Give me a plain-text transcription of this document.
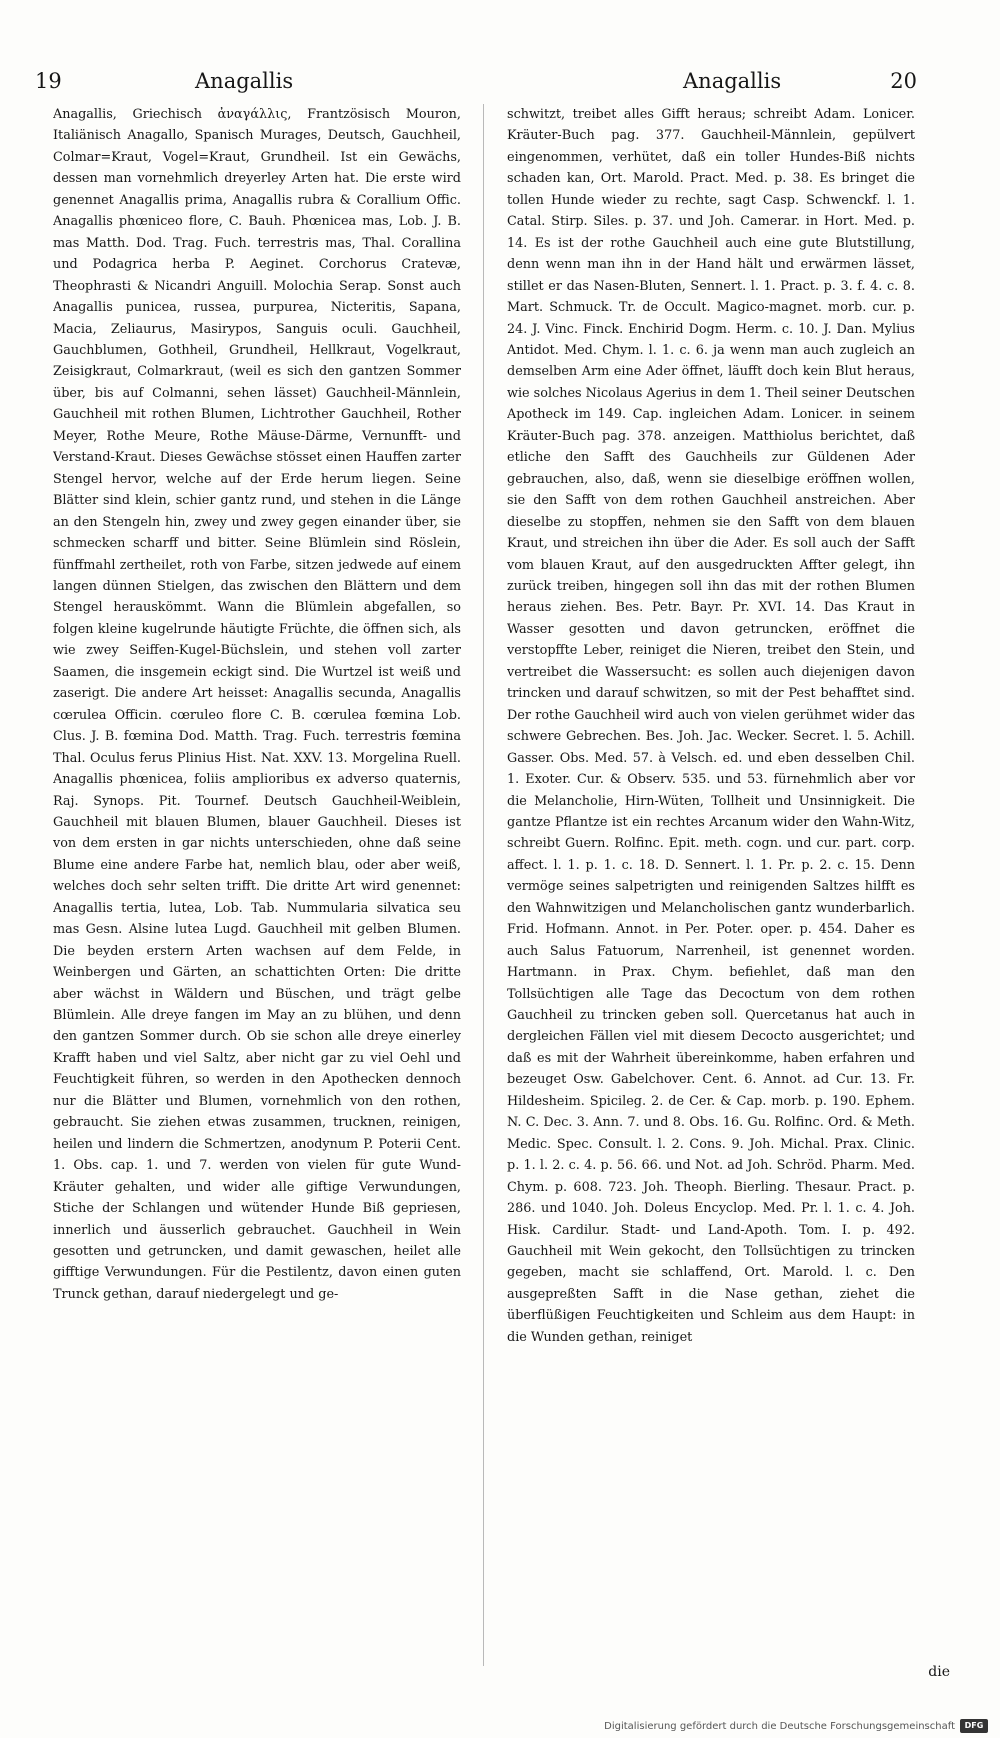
19	Anagallis	Anagallis	20

Anagallis, Griechisch ἀναγάλλις, Frantzösisch Mouron, Italiänisch Anagallo, Spanisch Murages, Deutsch, Gauchheil, Colmar=Kraut, Vogel=Kraut, Grundheil. Ist ein Gewächs, dessen man vornehmlich dreyerley Arten hat. Die erste wird genennet Anagallis prima, Anagallis rubra & Corallium Offic. Anagallis phœniceo flore, C. Bauh. Phœnicea mas, Lob. J. B. mas Matth. Dod. Trag. Fuch. terrestris mas, Thal. Corallina und Podagrica herba P. Aeginet. Corchorus Cratevæ, Theophrasti & Nicandri Anguill. Molochia Serap. Sonst auch Anagallis punicea, russea, purpurea, Nicteritis, Sapana, Macia, Zeliaurus, Masirypos, Sanguis oculi. Gauchheil, Gauchblumen, Gothheil, Grundheil, Hellkraut, Vogelkraut, Zeisigkraut, Colmarkraut, (weil es sich den gantzen Sommer über, bis auf Colmanni, sehen lässet) Gauchheil-Männlein, Gauchheil mit rothen Blumen, Lichtrother Gauchheil, Rother Meyer, Rothe Meure, Rothe Mäuse-Därme, Vernunfft- und Verstand-Kraut. Dieses Gewächse stösset einen Hauffen zarter Stengel hervor, welche auf der Erde herum liegen. Seine Blätter sind klein, schier gantz rund, und stehen in die Länge an den Stengeln hin, zwey und zwey gegen einander über, sie schmecken scharff und bitter. Seine Blümlein sind Röslein, fünffmahl zertheilet, roth von Farbe, sitzen jedwede auf einem langen dünnen Stielgen, das zwischen den Blättern und dem Stengel herauskömmt. Wann die Blümlein abgefallen, so folgen kleine kugelrunde häutigte Früchte, die öffnen sich, als wie zwey Seiffen-Kugel-Büchslein, und stehen voll zarter Saamen, die insgemein eckigt sind. Die Wurtzel ist weiß und zaserigt. Die andere Art heisset: Anagallis secunda, Anagallis cœrulea Officin. cœruleo flore C. B. cœrulea fœmina Lob. Clus. J. B. fœmina Dod. Matth. Trag. Fuch. terrestris fœmina Thal. Oculus ferus Plinius Hist. Nat. XXV. 13. Morgelina Ruell. Anagallis phœnicea, foliis amplioribus ex adverso quaternis, Raj. Synops. Pit. Tournef. Deutsch Gauchheil-Weiblein, Gauchheil mit blauen Blumen, blauer Gauchheil. Dieses ist von dem ersten in gar nichts unterschieden, ohne daß seine Blume eine andere Farbe hat, nemlich blau, oder aber weiß, welches doch sehr selten trifft. Die dritte Art wird genennet: Anagallis tertia, lutea, Lob. Tab. Nummularia silvatica seu mas Gesn. Alsine lutea Lugd. Gauchheil mit gelben Blumen. Die beyden erstern Arten wachsen auf dem Felde, in Weinbergen und Gärten, an schattichten Orten: Die dritte aber wächst in Wäldern und Büschen, und trägt gelbe Blümlein. Alle dreye fangen im May an zu blühen, und denn den gantzen Sommer durch. Ob sie schon alle dreye einerley Krafft haben und viel Saltz, aber nicht gar zu viel Oehl und Feuchtigkeit führen, so werden in den Apothecken dennoch nur die Blätter und Blumen, vornehmlich von den rothen, gebraucht. Sie ziehen etwas zusammen, trucknen, reinigen, heilen und lindern die Schmertzen, anodynum P. Poterii Cent. 1. Obs. cap. 1. und 7. werden von vielen für gute Wund-Kräuter gehalten, und wider alle giftige Verwundungen, Stiche der Schlangen und wütender Hunde Biß gepriesen, innerlich und äusserlich gebrauchet. Gauchheil in Wein gesotten und getruncken, und damit gewaschen, heilet alle gifftige Verwundungen. Für die Pestilentz, davon einen guten Trunck gethan, darauf niedergelegt und ge-

schwitzt, treibet alles Gifft heraus; schreibt Adam. Lonicer. Kräuter-Buch pag. 377. Gauchheil-Männlein, gepülvert eingenommen, verhütet, daß ein toller Hundes-Biß nichts schaden kan, Ort. Marold. Pract. Med. p. 38. Es bringet die tollen Hunde wieder zu rechte, sagt Casp. Schwenckf. l. 1. Catal. Stirp. Siles. p. 37. und Joh. Camerar. in Hort. Med. p. 14. Es ist der rothe Gauchheil auch eine gute Blutstillung, denn wenn man ihn in der Hand hält und erwärmen lässet, stillet er das Nasen-Bluten, Sennert. l. 1. Pract. p. 3. f. 4. c. 8. Mart. Schmuck. Tr. de Occult. Magico-magnet. morb. cur. p. 24. J. Vinc. Finck. Enchirid Dogm. Herm. c. 10. J. Dan. Mylius Antidot. Med. Chym. l. 1. c. 6. ja wenn man auch zugleich an demselben Arm eine Ader öffnet, läufft doch kein Blut heraus, wie solches Nicolaus Agerius in dem 1. Theil seiner Deutschen Apotheck im 149. Cap. ingleichen Adam. Lonicer. in seinem Kräuter-Buch pag. 378. anzeigen. Matthiolus berichtet, daß etliche den Safft des Gauchheils zur Güldenen Ader gebrauchen, also, daß, wenn sie dieselbige eröffnen wollen, sie den Safft von dem rothen Gauchheil anstreichen. Aber dieselbe zu stopffen, nehmen sie den Safft von dem blauen Kraut, und streichen ihn über die Ader. Es soll auch der Safft vom blauen Kraut, auf den ausgedruckten Affter gelegt, ihn zurück treiben, hingegen soll ihn das mit der rothen Blumen heraus ziehen. Bes. Petr. Bayr. Pr. XVI. 14. Das Kraut in Wasser gesotten und davon getruncken, eröffnet die verstopffte Leber, reiniget die Nieren, treibet den Stein, und vertreibet die Wassersucht: es sollen auch diejenigen davon trincken und darauf schwitzen, so mit der Pest behafftet sind. Der rothe Gauchheil wird auch von vielen gerühmet wider das schwere Gebrechen. Bes. Joh. Jac. Wecker. Secret. l. 5. Achill. Gasser. Obs. Med. 57. à Velsch. ed. und eben desselben Chil. 1. Exoter. Cur. & Observ. 535. und 53. fürnehmlich aber vor die Melancholie, Hirn-Wüten, Tollheit und Unsinnigkeit. Die gantze Pflantze ist ein rechtes Arcanum wider den Wahn-Witz, schreibt Guern. Rolfinc. Epit. meth. cogn. und cur. part. corp. affect. l. 1. p. 1. c. 18. D. Sennert. l. 1. Pr. p. 2. c. 15. Denn vermöge seines salpetrigten und reinigenden Saltzes hilfft es den Wahnwitzigen und Melancholischen gantz wunderbarlich. Frid. Hofmann. Annot. in Per. Poter. oper. p. 454. Daher es auch Salus Fatuorum, Narrenheil, ist genennet worden. Hartmann. in Prax. Chym. befiehlet, daß man den Tollsüchtigen alle Tage das Decoctum von dem rothen Gauchheil zu trincken geben soll. Quercetanus hat auch in dergleichen Fällen viel mit diesem Decocto ausgerichtet; und daß es mit der Wahrheit übereinkomme, haben erfahren und bezeuget Osw. Gabelchover. Cent. 6. Annot. ad Cur. 13. Fr. Hildesheim. Spicileg. 2. de Cer. & Cap. morb. p. 190. Ephem. N. C. Dec. 3. Ann. 7. und 8. Obs. 16. Gu. Rolfinc. Ord. & Meth. Medic. Spec. Consult. l. 2. Cons. 9. Joh. Michal. Prax. Clinic. p. 1. l. 2. c. 4. p. 56. 66. und Not. ad Joh. Schröd. Pharm. Med. Chym. p. 608. 723. Joh. Theoph. Bierling. Thesaur. Pract. p. 286. und 1040. Joh. Doleus Encyclop. Med. Pr. l. 1. c. 4. Joh. Hisk. Cardilur. Stadt- und Land-Apoth. Tom. I. p. 492. Gauchheil mit Wein gekocht, den Tollsüchtigen zu trincken gegeben, macht sie schlaffend, Ort. Marold. l. c. Den ausgepreßten Safft in die Nase gethan, ziehet die überflüßigen Feuchtigkeiten und Schleim aus dem Haupt: in die Wunden gethan, reiniget

die
Digitalisierung gefördert durch die Deutsche Forschungsgemeinschaft	DFG
